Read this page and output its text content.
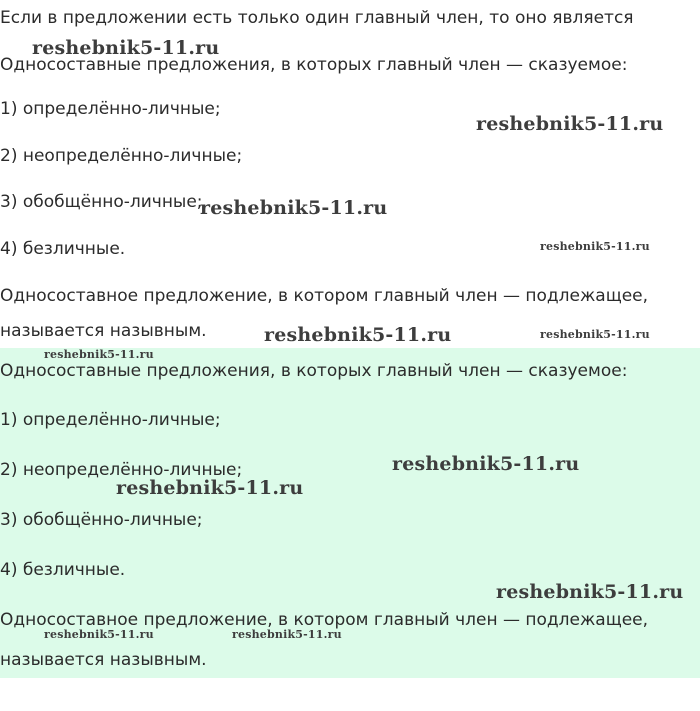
Если в предложении есть только один главный член, то оно является
Односоставные предложения, в которых главный член — сказуемое:
1) определённо-личные;
2) неопределённо-личные;
3) обобщённо-личные;
4) безличные.
Односоставное предложение, в котором главный член — подлежащее,
называется назывным.
Односоставные предложения, в которых главный член — сказуемое:
1) определённо-личные;
2) неопределённо-личные;
3) обобщённо-личные;
4) безличные.
Односоставное предложение, в котором главный член — подлежащее,
называется назывным.
reshebnik5-11.ru
reshebnik5-11.ru
reshebnik5-11.ru
reshebnik5-11.ru
reshebnik5-11.ru	reshebnik5-11.ru
reshebnik5-11.ru
reshebnik5-11.ru
reshebnik5-11.ru
reshebnik5-11.ru
reshebnik5-11.ru	reshebnik5-11.ru
